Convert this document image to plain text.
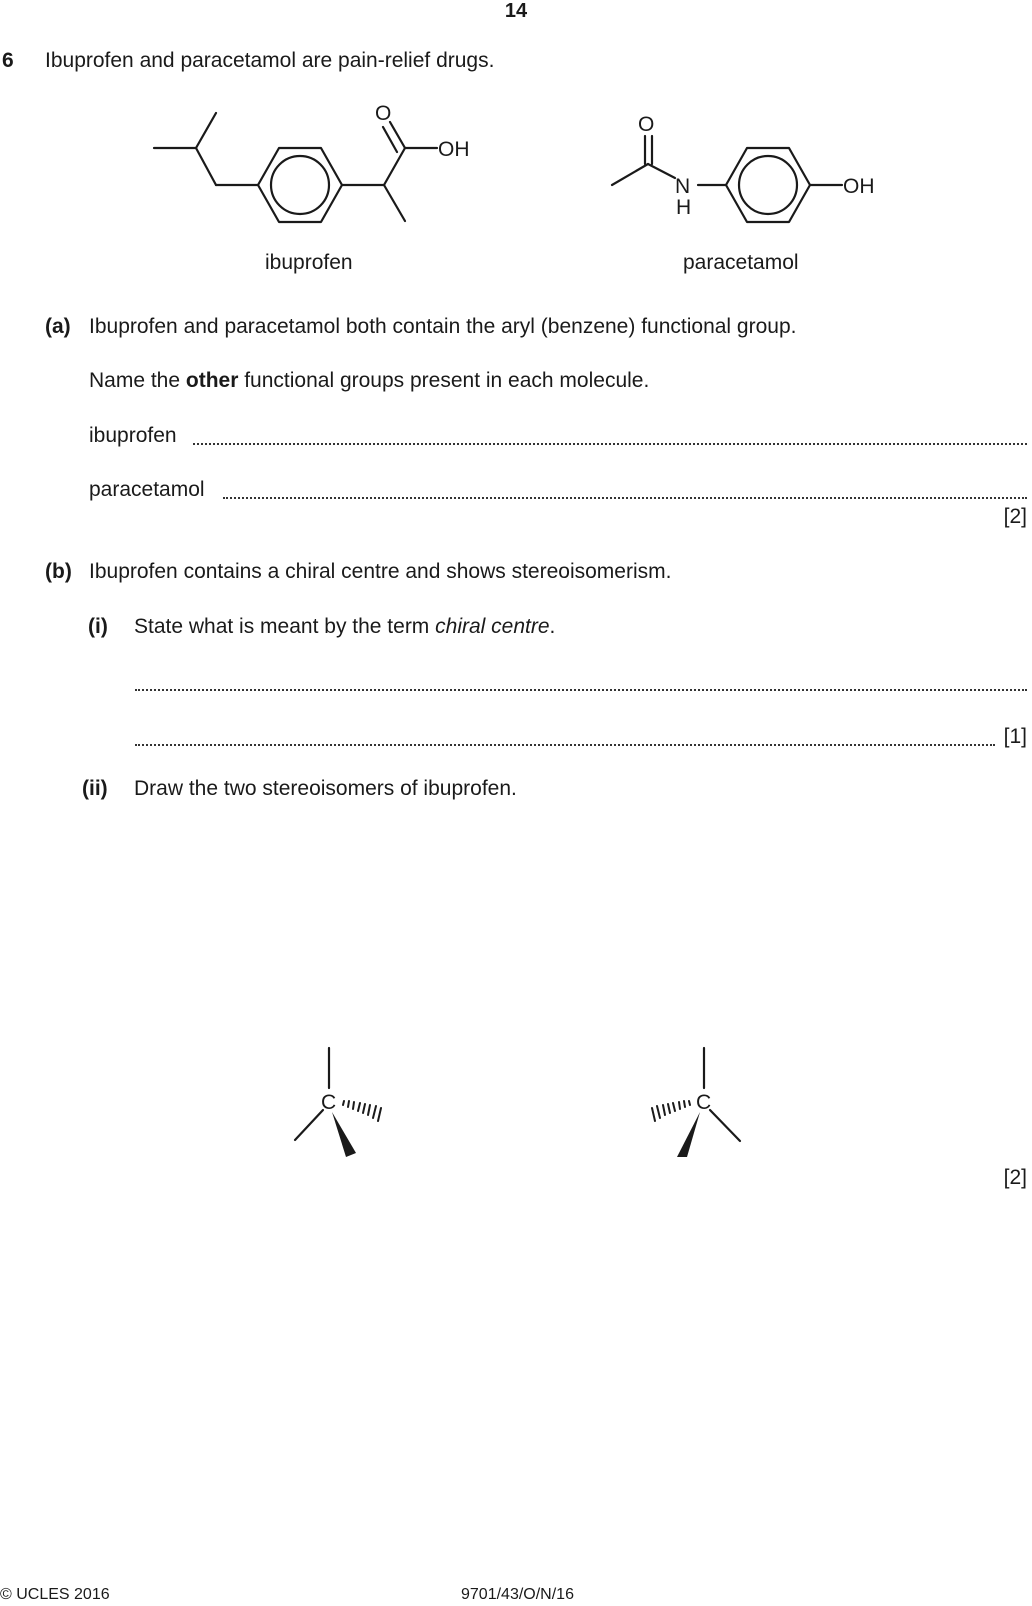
14
6 Ibuprofen and paracetamol are pain-relief drugs.
O
OH
O
N
H
OH
ibuprofen	paracetamol
(a) Ibuprofen and paracetamol both contain the aryl (benzene) functional group.
Name the other functional groups present in each molecule.
ibuprofen
paracetamol
[2]
(b) Ibuprofen contains a chiral centre and shows stereoisomerism.
(i) State what is meant by the term chiral centre.
[1]
(ii) Draw the two stereoisomers of ibuprofen.
C	C
[2]
© UCLES 2016	9701/43/O/N/16
